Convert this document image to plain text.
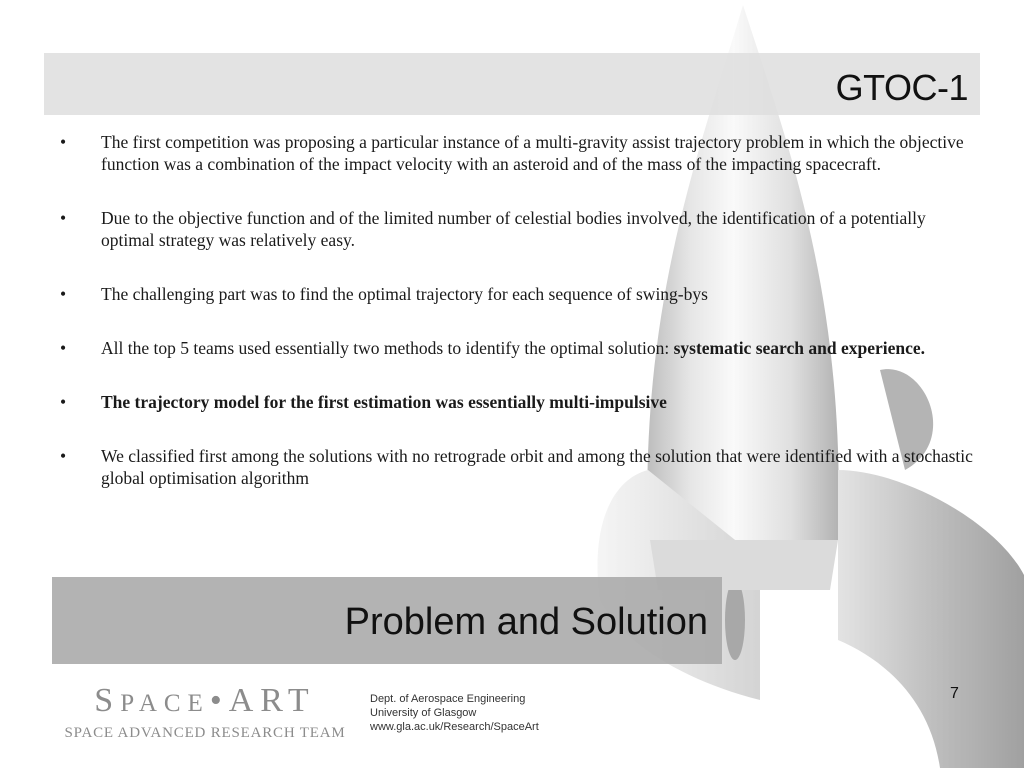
GTOC-1
• The first competition was proposing a particular instance of a multi-gravity assist trajectory problem in which the objective function was a combination of the impact velocity with an asteroid and of the mass of the impacting spacecraft.
• Due to the objective function and of the limited number of celestial bodies involved, the identification of a potentially optimal strategy was relatively easy.
• The challenging part was to find the optimal trajectory for each sequence of swing-bys
• All the top 5 teams used essentially two methods to identify the optimal solution: systematic search and experience.
• The trajectory model for the first estimation was essentially multi-impulsive
• We classified first among the solutions with no retrograde orbit and among the solution that were identified with a stochastic global optimisation algorithm
Problem and Solution
SPACE•ART
SPACE ADVANCED RESEARCH TEAM
Dept. of Aerospace Engineering
University of Glasgow
www.gla.ac.uk/Research/SpaceArt
7
